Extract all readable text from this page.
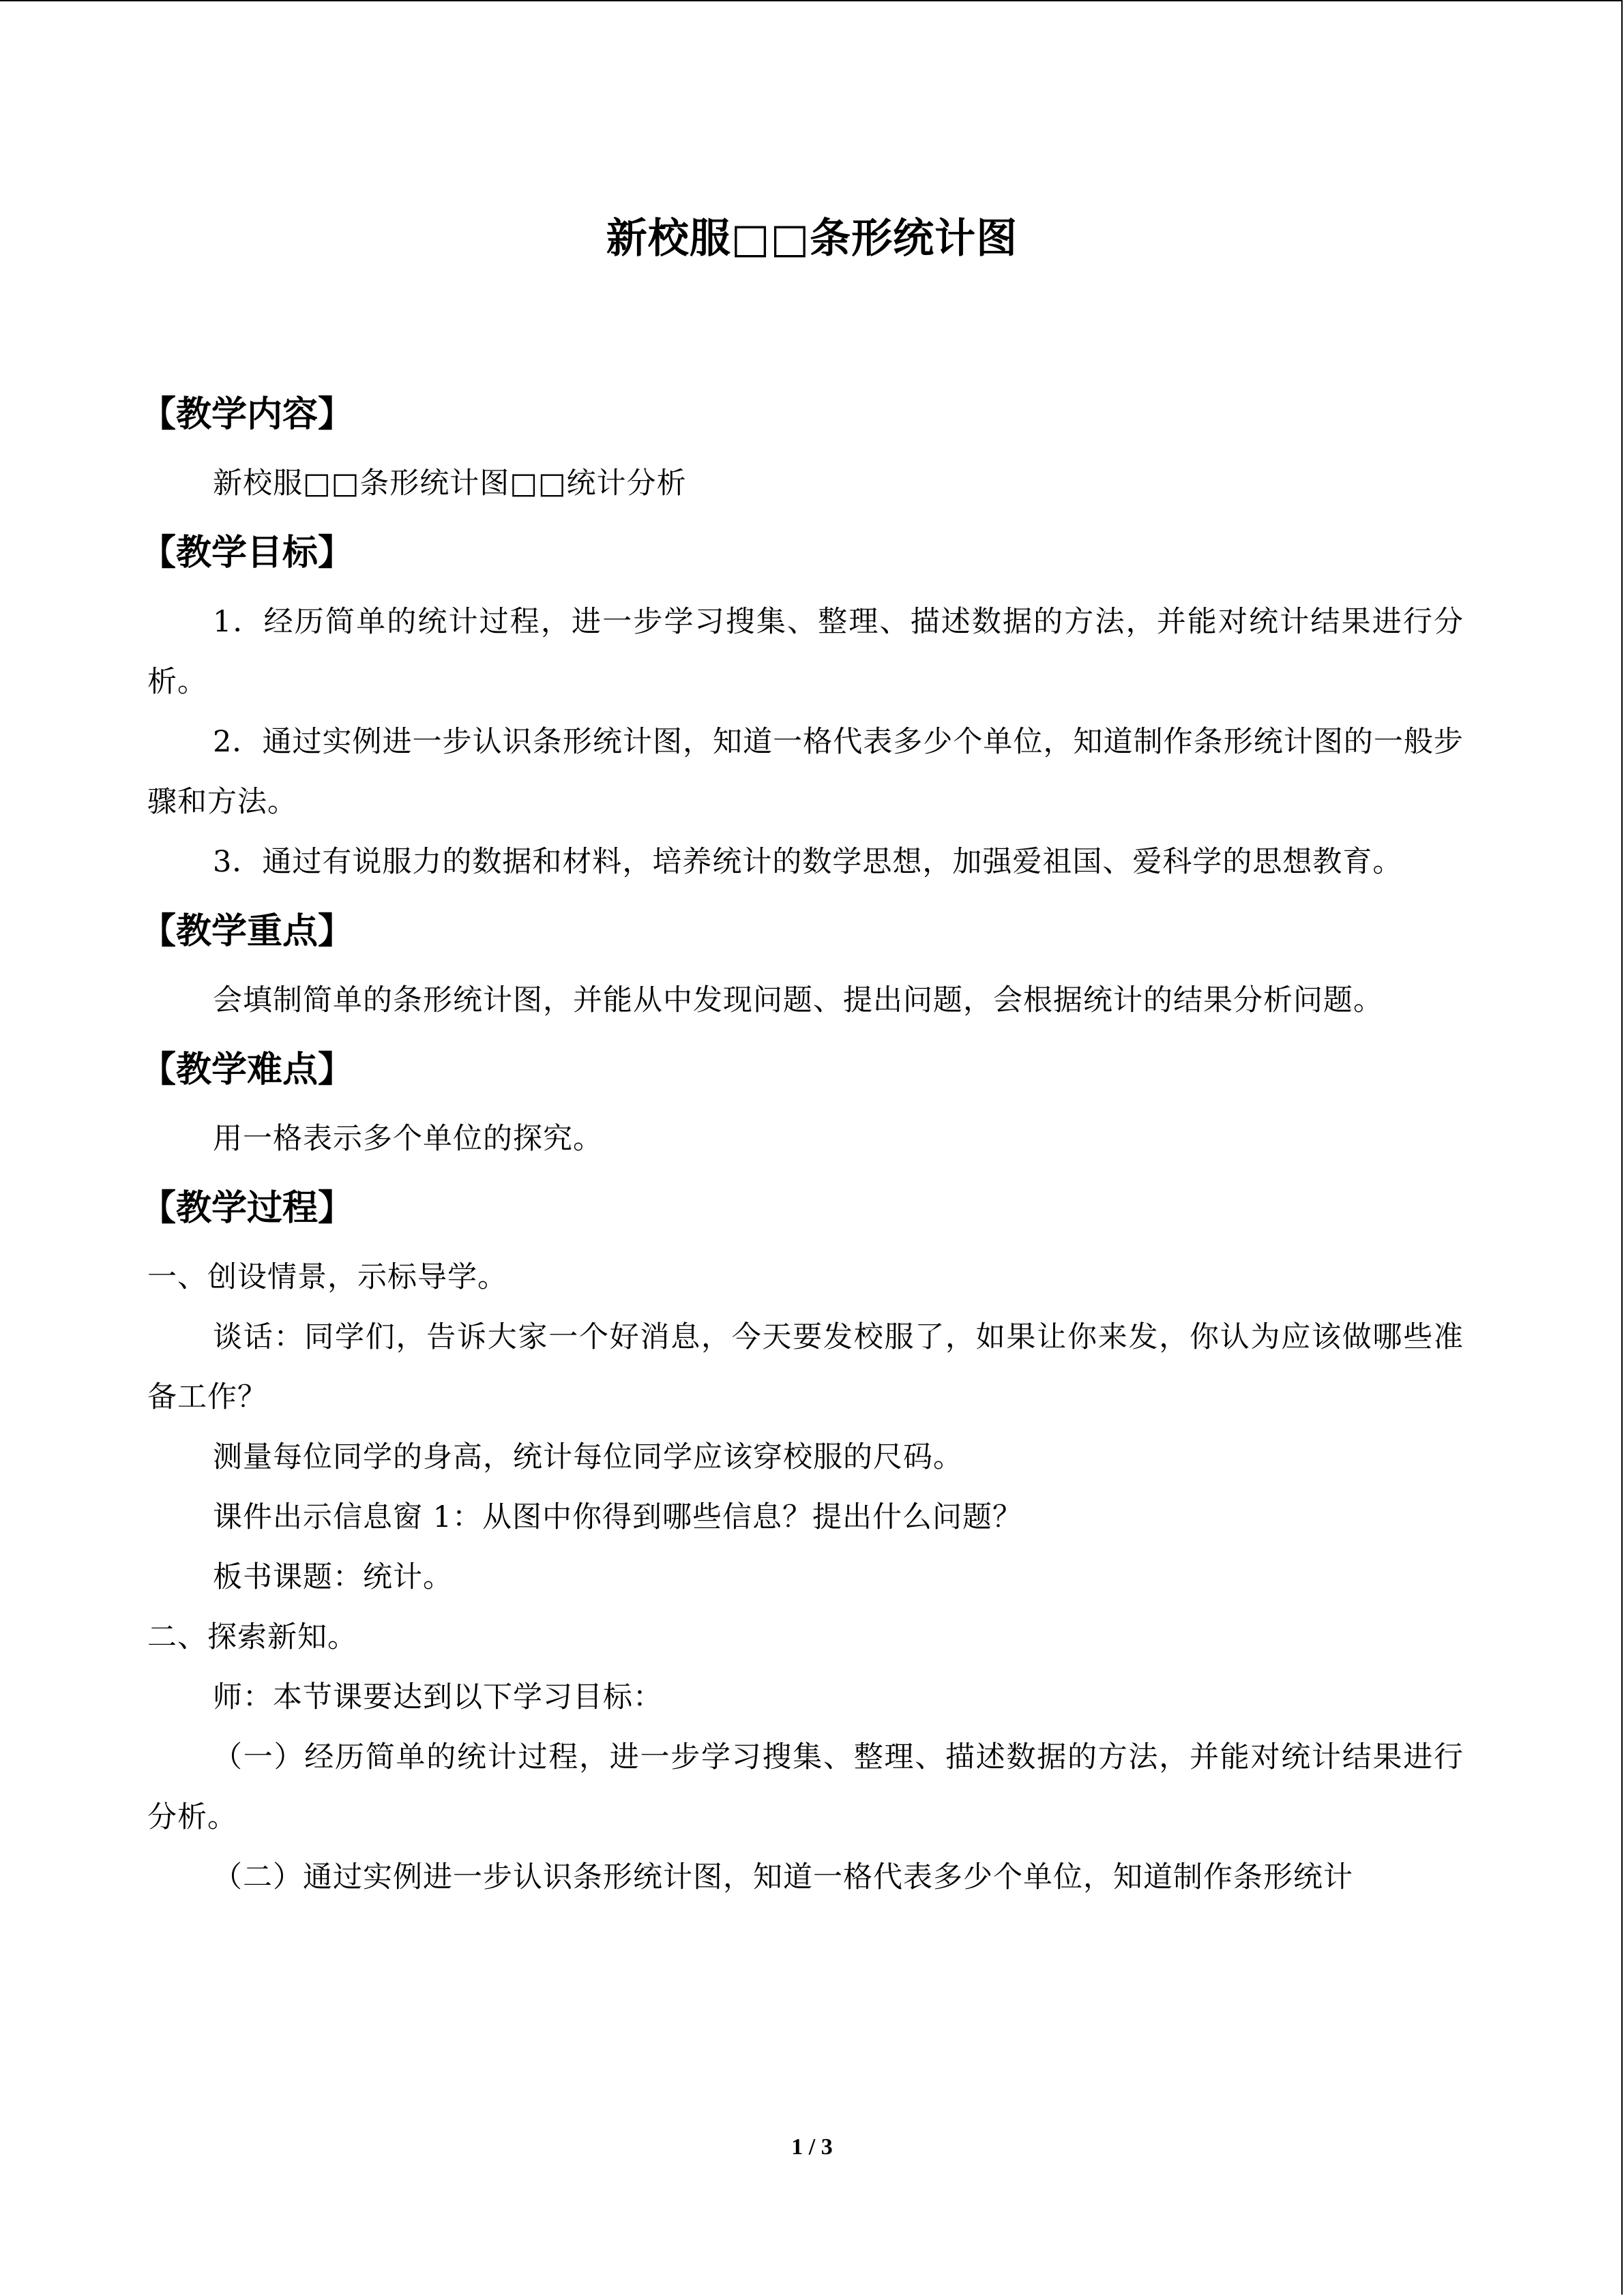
新校服□□条形统计图
【教学内容】

新校服□□条形统计图□□统计分析

【教学目标】

1．经历简单的统计过程，进一步学习搜集、整理、描述数据的方法，并能对统计结果进行分析。

2．通过实例进一步认识条形统计图，知道一格代表多少个单位，知道制作条形统计图的一般步骤和方法。

3．通过有说服力的数据和材料，培养统计的数学思想，加强爱祖国、爱科学的思想教育。

【教学重点】

会填制简单的条形统计图，并能从中发现问题、提出问题，会根据统计的结果分析问题。

【教学难点】

用一格表示多个单位的探究。

【教学过程】

一、创设情景，示标导学。

谈话：同学们，告诉大家一个好消息，今天要发校服了，如果让你来发，你认为应该做哪些准备工作？

测量每位同学的身高，统计每位同学应该穿校服的尺码。

课件出示信息窗 1：从图中你得到哪些信息？提出什么问题？

板书课题：统计。

二、探索新知。

师：本节课要达到以下学习目标：

（一）经历简单的统计过程，进一步学习搜集、整理、描述数据的方法，并能对统计结果进行分析。

（二）通过实例进一步认识条形统计图，知道一格代表多少个单位，知道制作条形统计

1 / 3
